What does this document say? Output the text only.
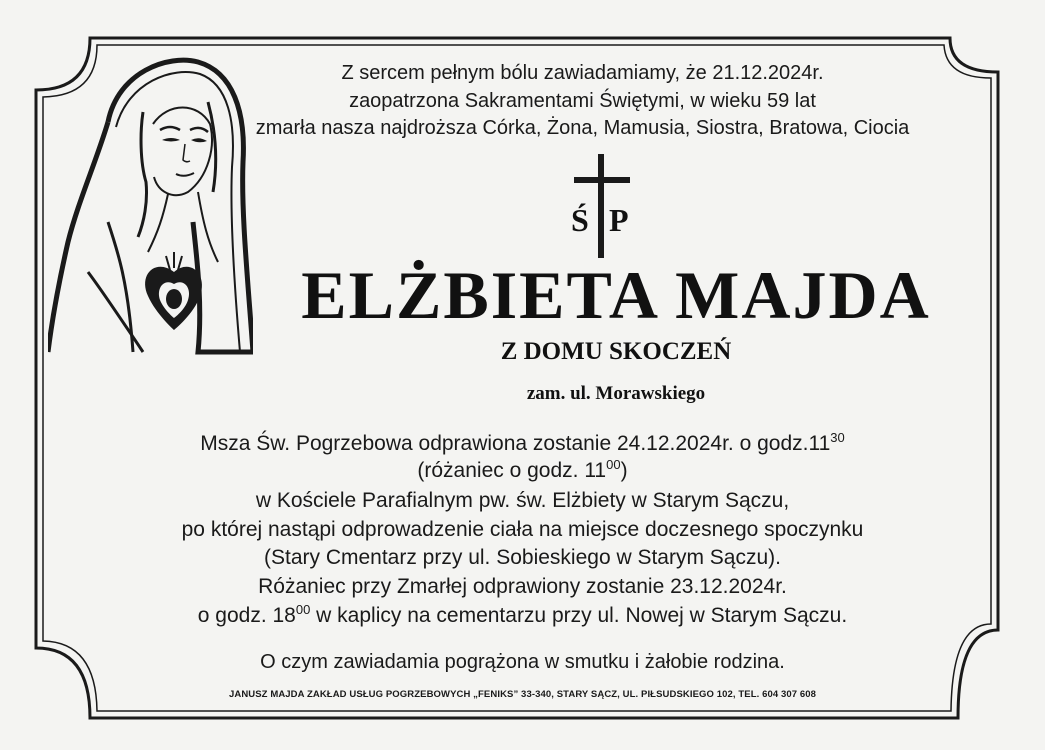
Z sercem pełnym bólu zawiadamiamy, że 21.12.2024r.
zaopatrzona Sakramentami Świętymi, w wieku 59 lat
zmarła nasza najdroższa Córka, Żona, Mamusia, Siostra, Bratowa, Ciocia
Ś P
ELŻBIETA MAJDA
Z DOMU SKOCZEŃ
zam. ul. Morawskiego
Msza Św. Pogrzebowa odprawiona zostanie 24.12.2024r. o $godz.11^{30}$
(różaniec o godz. $11^{00}$)
w Kościele Parafialnym pw. św. Elżbiety w Starym Sączu,
po której nastąpi odprowadzenie ciała na miejsce doczesnego spoczynku
(Stary Cmentarz przy ul. Sobieskiego w Starym Sączu).
Różaniec przy Zmarłej odprawiony zostanie 23.12.2024r.
o godz. $18^{00}$ w kaplicy na cementarzu przy ul. Nowej w Starym Sączu.
O czym zawiadamia pogrążona w smutku i żałobie rodzina.
JANUSZ MAJDA ZAKŁAD USŁUG POGRZEBOWYCH „FENIKS” 33-340, STARY SĄCZ, UL. PIŁSUDSKIEGO 102, TEL. 604 307 608
